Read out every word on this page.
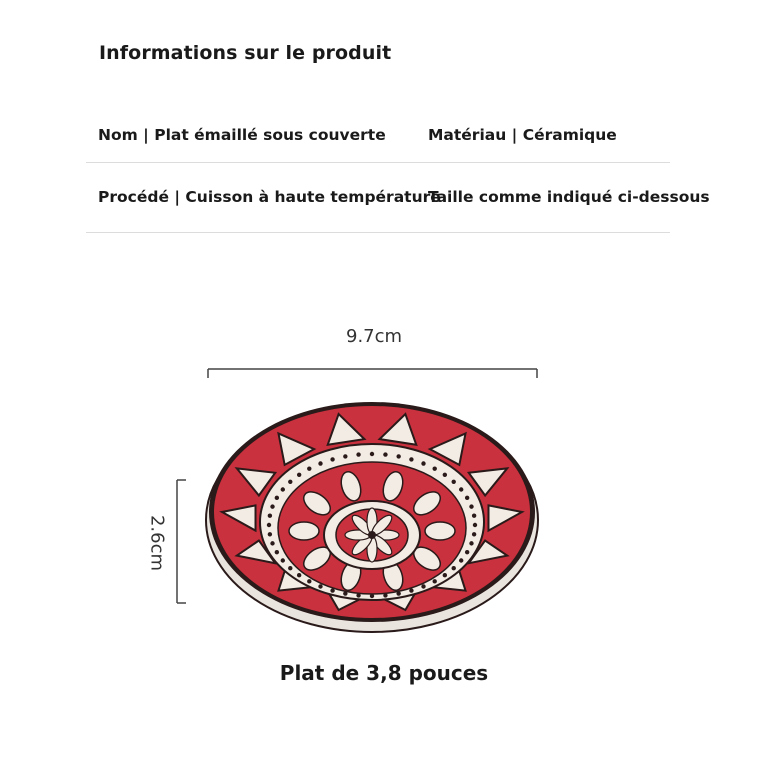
Informations sur le produit
Nom | Plat émaillé sous couverte	Matériau | Céramique
Procédé | Cuisson à haute température
Taille comme indiqué ci-dessous
9.7cm
2.6cm
Plat de 3,8 pouces
